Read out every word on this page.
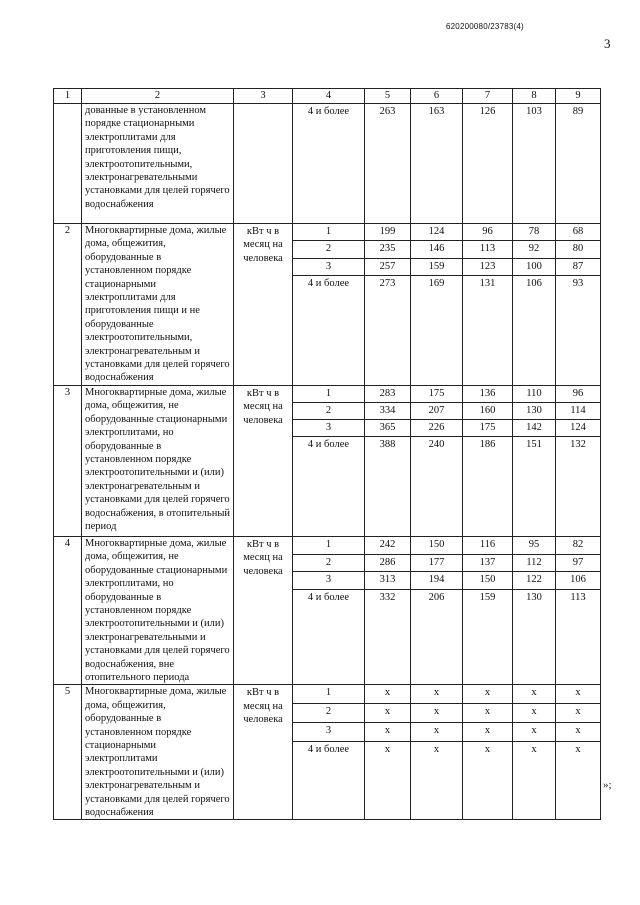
620200080/23783(4)
3
1	2	3	4	5	6	7	8	9
	дованные в установленном порядке стационарными электроплитами для приготовления пищи, электроотопительными, электронагревательными установками для целей горячего водоснабжения		4 и более	263	163	126	103	89
2	Многоквартирные дома, жилые дома, общежития, оборудованные в установленном порядке стационарными электроплитами для приготовления пищи и не оборудованные электроотопительными, электронагревательным и установками для целей горячего водоснабжения	кВт ч в месяц на человека	1	199	124	96	78	68
			2	235	146	113	92	80
			3	257	159	123	100	87
			4 и более	273	169	131	106	93
3	Многоквартирные дома, жилые дома, общежития, не оборудованные стационарными электроплитами, но оборудованные в установленном порядке электроотопительными и (или) электронагревательным и установками для целей горячего водоснабжения, в отопительный период	кВт ч в месяц на человека	1	283	175	136	110	96
			2	334	207	160	130	114
			3	365	226	175	142	124
			4 и более	388	240	186	151	132
4	Многоквартирные дома, жилые дома, общежития, не оборудованные стационарными электроплитами, но оборудованные в установленном порядке электроотопительными и (или) электронагревательными и установками для целей горячего водоснабжения, вне отопительного периода	кВт ч в месяц на человека	1	242	150	116	95	82
			2	286	177	137	112	97
			3	313	194	150	122	106
			4 и более	332	206	159	130	113
5	Многоквартирные дома, жилые дома, общежития, оборудованные в установленном порядке стационарными электроплитами электроотопительными и (или) электронагревательным и установками для целей горячего водоснабжения	кВт ч в месяц на человека	1	х	х	х	х	х
			2	х	х	х	х	х
			3	х	х	х	х	х
			4 и более	х	х	х	х	х
»;
